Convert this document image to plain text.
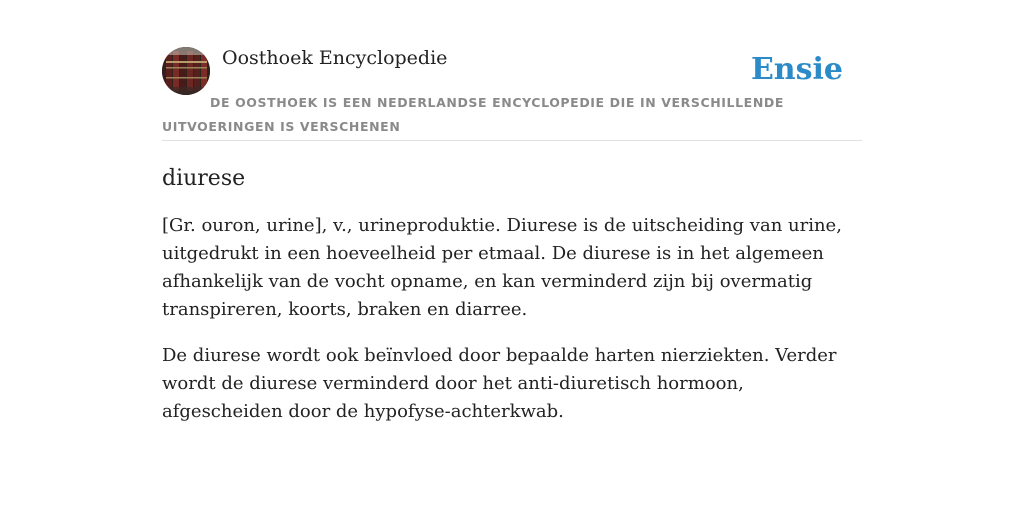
Oosthoek Encyclopedie	Ensie
DE OOSTHOEK IS EEN NEDERLANDSE ENCYCLOPEDIE DIE IN VERSCHILLENDE UITVOERINGEN IS VERSCHENEN
diurese

[Gr. ouron, urine], v., urineproduktie. Diurese is de uitscheiding van urine, uitgedrukt in een hoeveelheid per etmaal. De diurese is in het algemeen afhankelijk van de vocht opname, en kan verminderd zijn bij overmatig transpireren, koorts, braken en diarree.

De diurese wordt ook beïnvloed door bepaalde harten nierziekten. Verder wordt de diurese verminderd door het anti-diuretisch hormoon, afgescheiden door de hypofyse-achterkwab.
